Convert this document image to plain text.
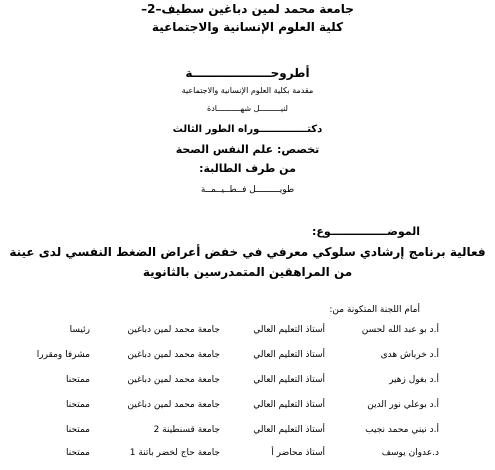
جامعة محمد لمين دباغين سطيف–2–
كلية العلوم الإنسانية والاجتماعية
أطروحـــــــــــــــــــة
مقدمة بكلية العلوم الإنسانية والاجتماعية
لنيـــــــــل شهــــــــــادة
دكتــــــــــــــوراه الطور الثالث
تخصص: علم النفس الصحة
من طرف الطالبة:
طويـــــــــل فــطــيــمــة
الموضـــــــــــــــوع:
فعالية برنامج إرشادي سلوكي معرفي في خفض أعراض الضغط النفسي لدى عينة
من المراهقين المتمدرسين بالثانوية
أمام اللجنة المتكونة من:
أ.د بو عبد الله لحسن
أستاذ التعليم العالي
جامعة محمد لمين دباغين
رئيسا
أ.د خرباش هدى
أستاذ التعليم العالي
جامعة محمد لمين دباغين
مشرفا ومقررا
أ.د بغول زهير
أستاذ التعليم العالي
جامعة محمد لمين دباغين
ممتحنا
أ.د بوعلي نور الدين
أستاذ التعليم العالي
جامعة محمد لمين دباغين
ممتحنا
أ.د نيني محمد نجيب
أستاذ التعليم العالي
جامعة قسنطينة 2
ممتحنا
د.عدوان يوسف
أستاذ محاضر أ
جامعة حاج لخضر باتنة 1
ممتحنا
